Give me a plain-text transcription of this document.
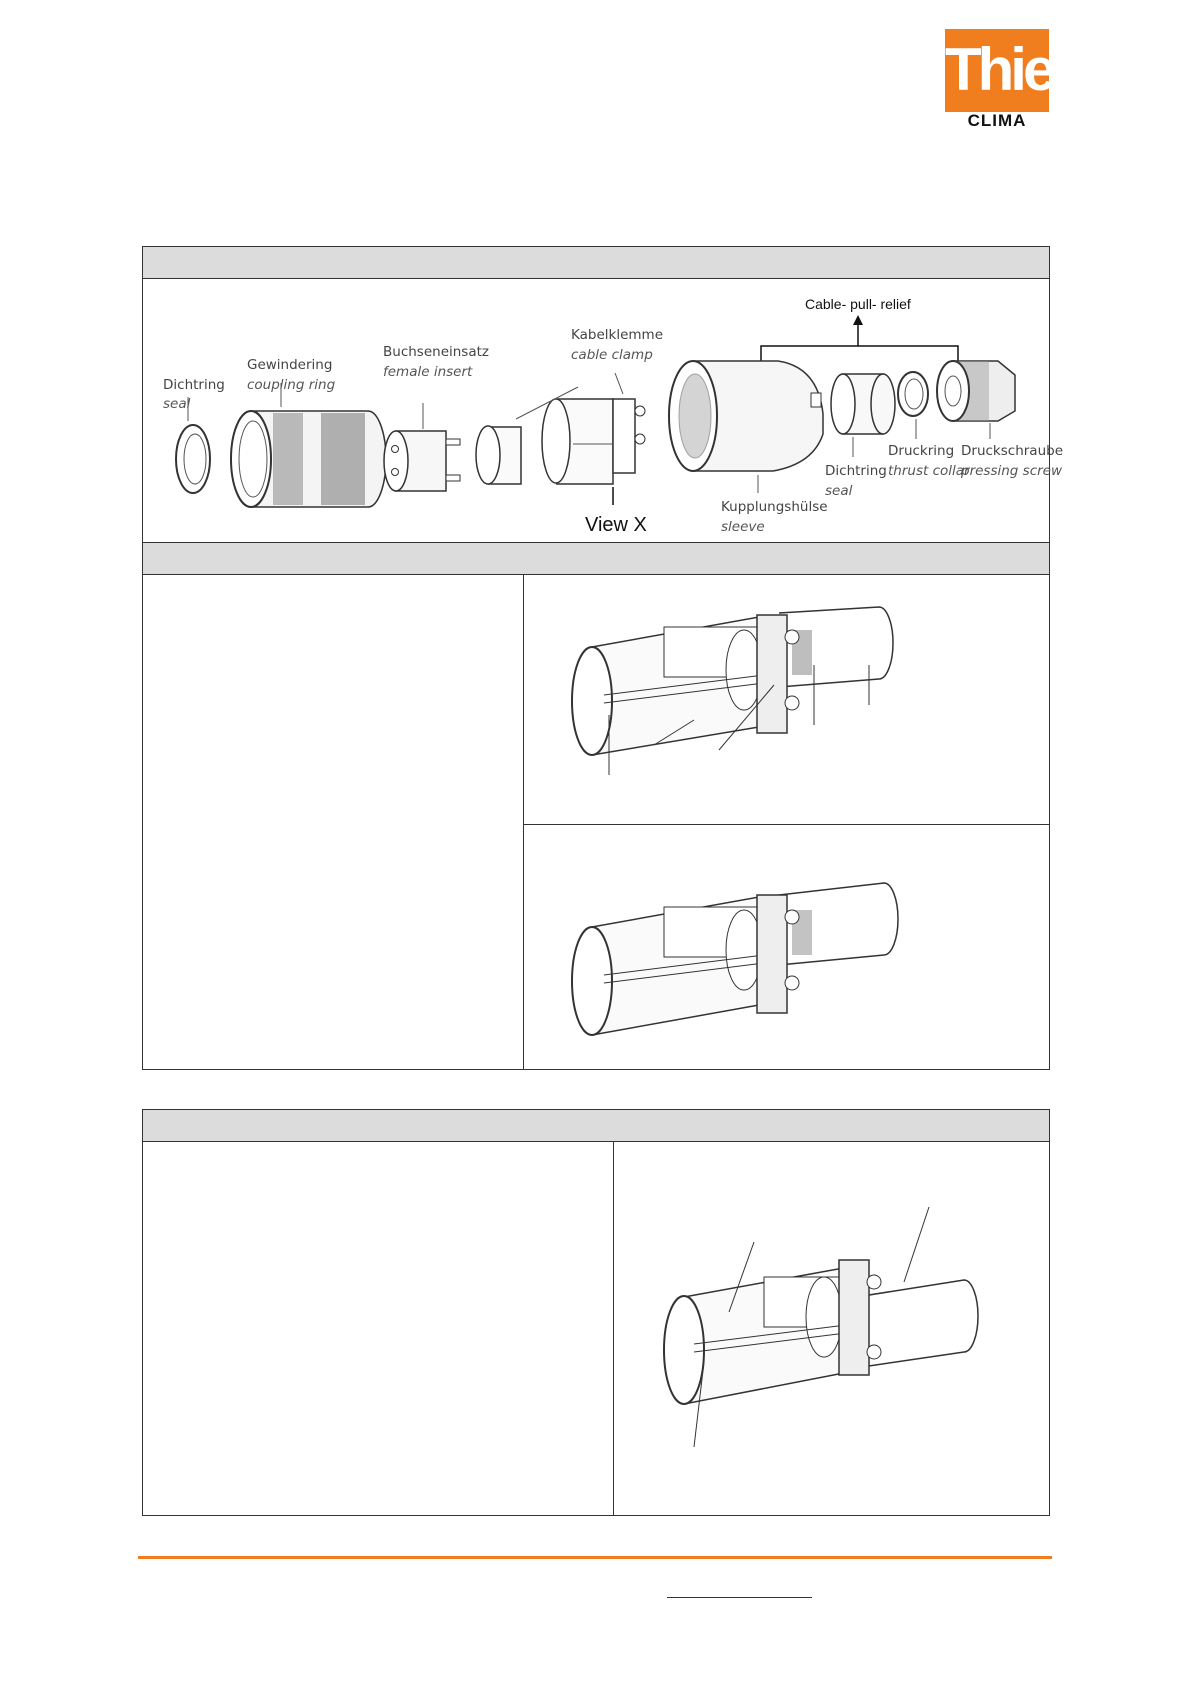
Thies
CLIMA
Cable- pull- relief
Dichtring
seal
Gewindering
coupling ring
Buchseneinsatz
female insert
Kabelklemme
cable clamp
View X
Kupplungshülse
sleeve
Dichtring
seal
Druckring
thrust collar
Druckschraube
pressing screw
